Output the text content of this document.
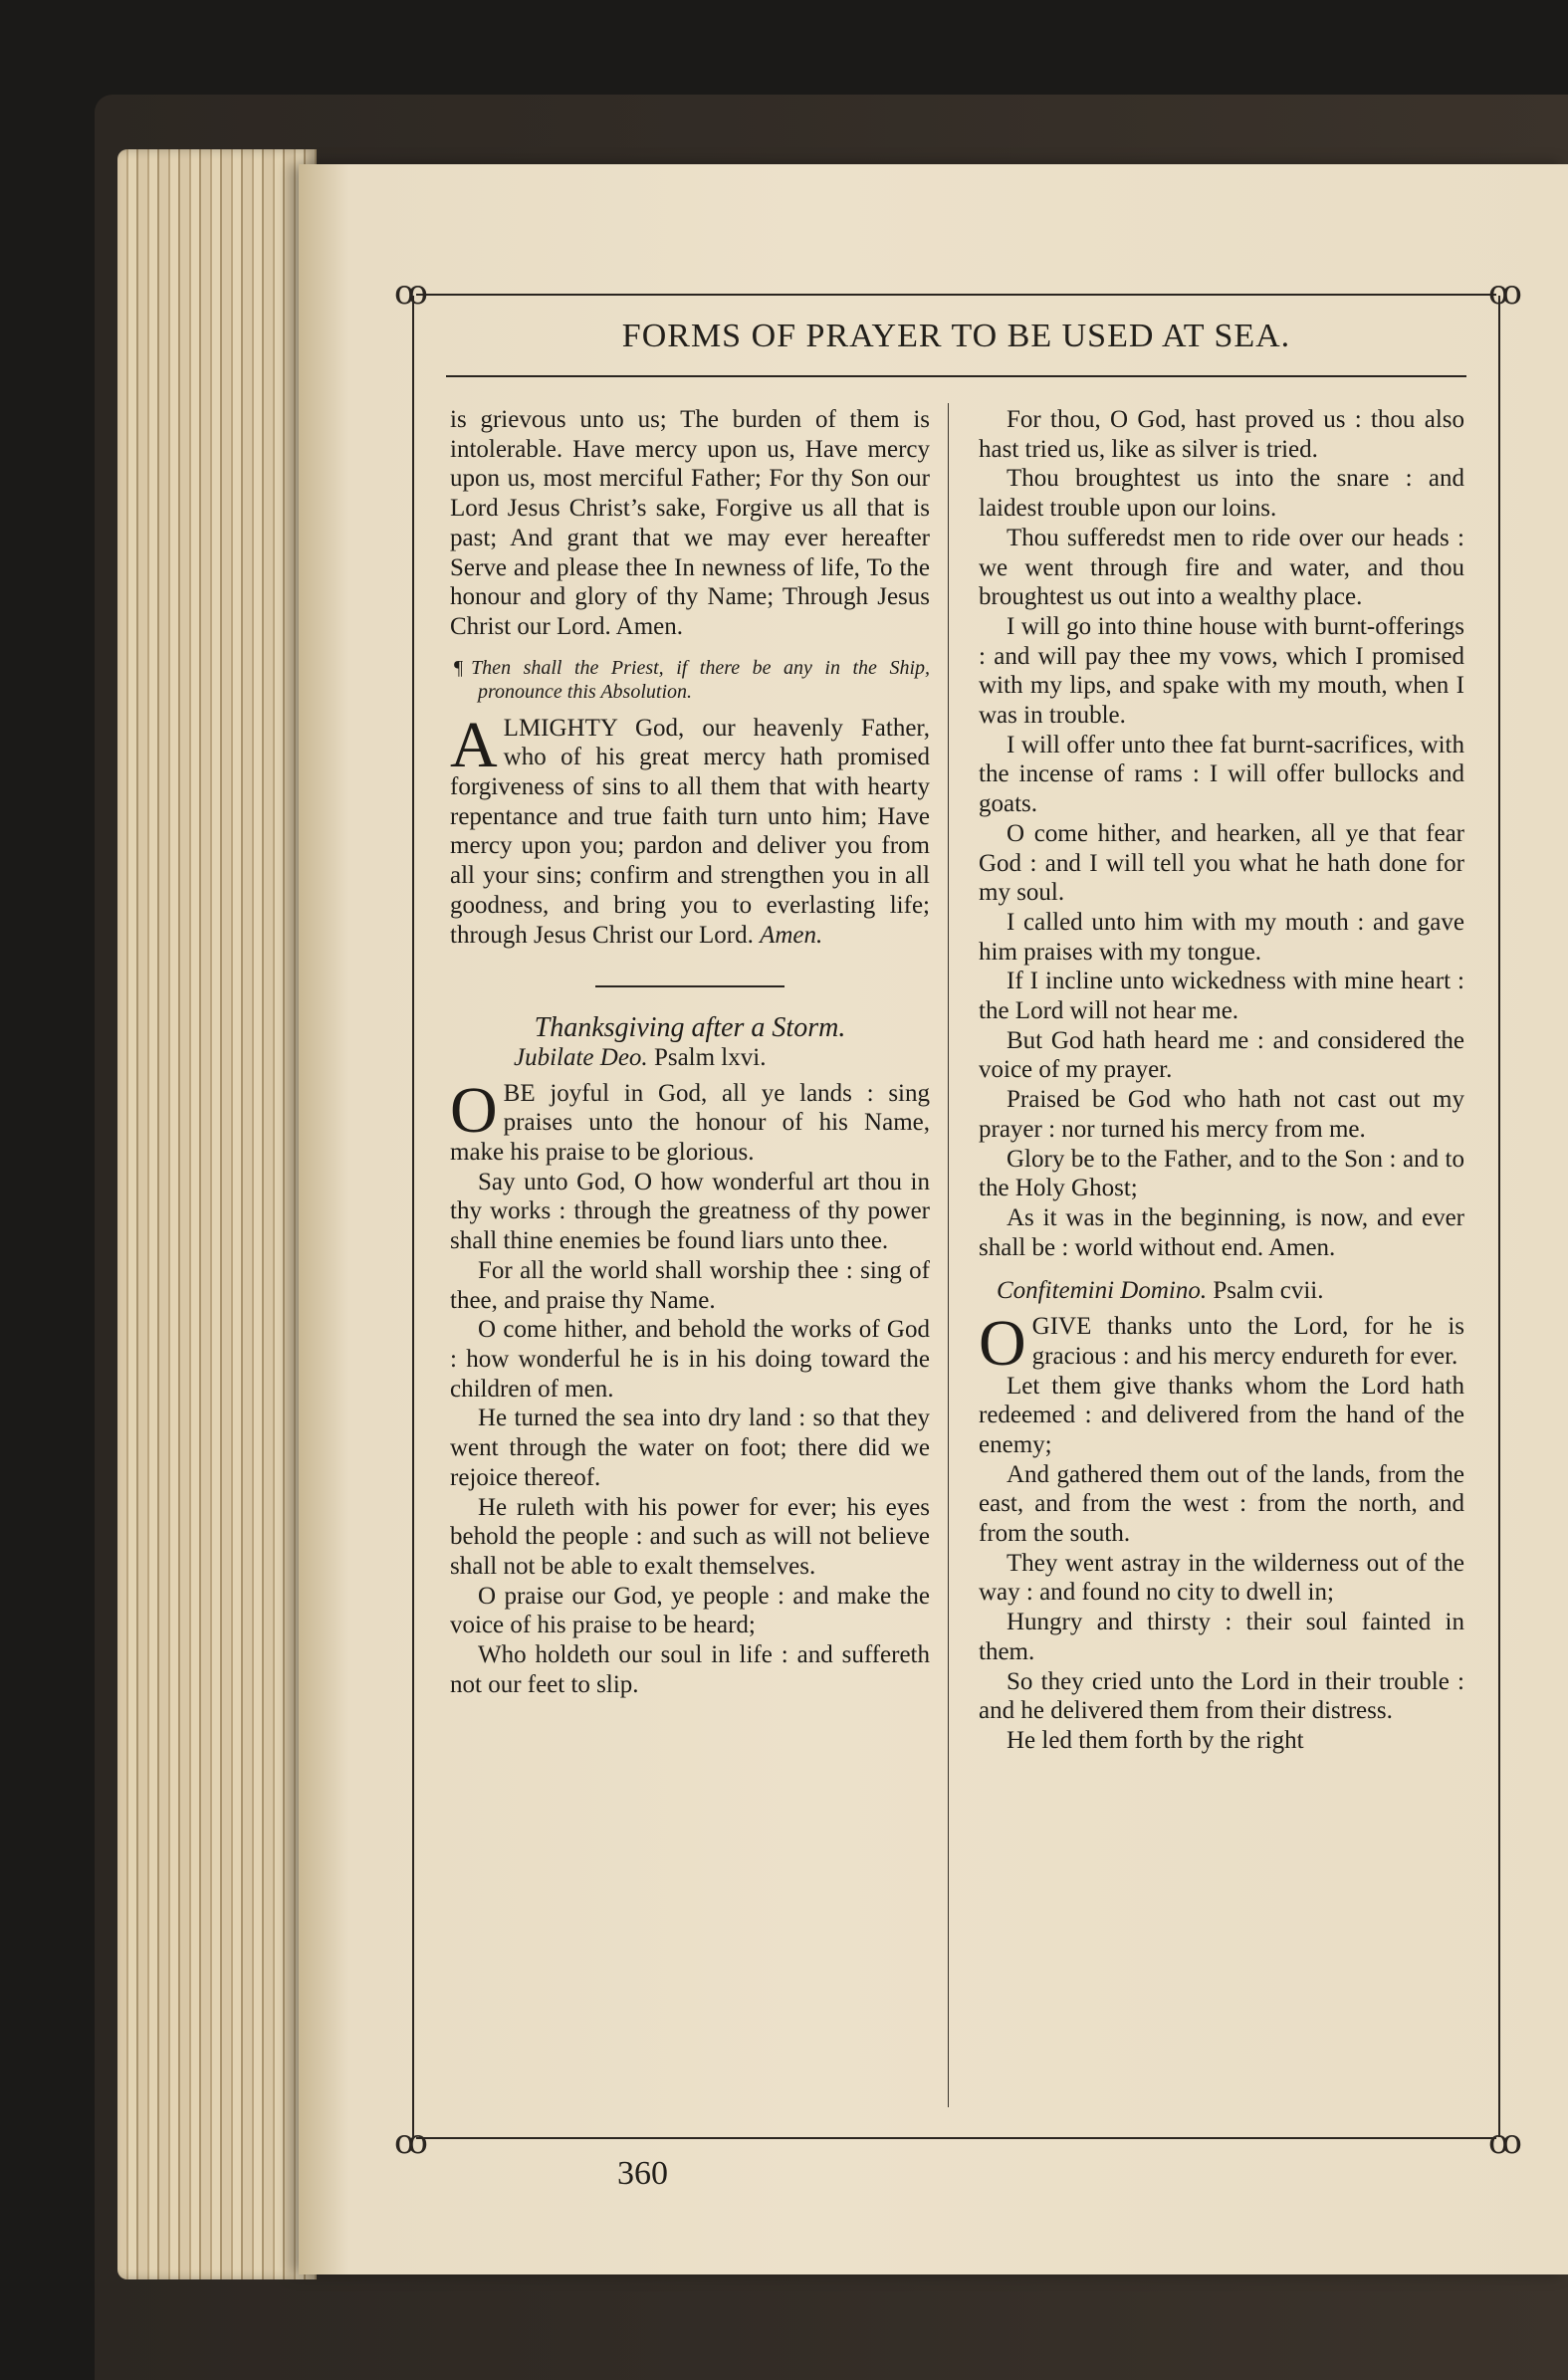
ꝏ	ꝏ
ꝏ	ꝏ
FORMS OF PRAYER TO BE USED AT SEA.

is grievous unto us; The burden of them is intolerable. Have mercy upon us, Have mercy upon us, most merciful Father; For thy Son our Lord Jesus Christ’s sake, Forgive us all that is past; And grant that we may ever hereafter Serve and please thee In newness of life, To the honour and glory of thy Name; Through Jesus Christ our Lord. Amen.

¶ Then shall the Priest, if there be any in the Ship, pronounce this Absolution.

ALMIGHTY God, our heavenly Father, who of his great mercy hath promised forgiveness of sins to all them that with hearty repentance and true faith turn unto him; Have mercy upon you; pardon and deliver you from all your sins; confirm and strengthen you in all goodness, and bring you to everlasting life; through Jesus Christ our Lord. Amen.

Thanksgiving after a Storm.

Jubilate Deo. Psalm lxvi.

OBE joyful in God, all ye lands : sing praises unto the honour of his Name, make his praise to be glorious.

Say unto God, O how wonderful art thou in thy works : through the greatness of thy power shall thine enemies be found liars unto thee.

For all the world shall worship thee : sing of thee, and praise thy Name.

O come hither, and behold the works of God : how wonderful he is in his doing toward the children of men.

He turned the sea into dry land : so that they went through the water on foot; there did we rejoice thereof.

He ruleth with his power for ever; his eyes behold the people : and such as will not believe shall not be able to exalt themselves.

O praise our God, ye people : and make the voice of his praise to be heard;

Who holdeth our soul in life : and suffereth not our feet to slip.

For thou, O God, hast proved us : thou also hast tried us, like as silver is tried.

Thou broughtest us into the snare : and laidest trouble upon our loins.

Thou sufferedst men to ride over our heads : we went through fire and water, and thou broughtest us out into a wealthy place.

I will go into thine house with burnt-offerings : and will pay thee my vows, which I promised with my lips, and spake with my mouth, when I was in trouble.

I will offer unto thee fat burnt-sacrifices, with the incense of rams : I will offer bullocks and goats.

O come hither, and hearken, all ye that fear God : and I will tell you what he hath done for my soul.

I called unto him with my mouth : and gave him praises with my tongue.

If I incline unto wickedness with mine heart : the Lord will not hear me.

But God hath heard me : and considered the voice of my prayer.

Praised be God who hath not cast out my prayer : nor turned his mercy from me.

Glory be to the Father, and to the Son : and to the Holy Ghost;

As it was in the beginning, is now, and ever shall be : world without end. Amen.

Confitemini Domino. Psalm cvii.

OGIVE thanks unto the Lord, for he is gracious : and his mercy endureth for ever.

Let them give thanks whom the Lord hath redeemed : and delivered from the hand of the enemy;

And gathered them out of the lands, from the east, and from the west : from the north, and from the south.

They went astray in the wilderness out of the way : and found no city to dwell in;

Hungry and thirsty : their soul fainted in them.

So they cried unto the Lord in their trouble : and he delivered them from their distress.

He led them forth by the right

360
